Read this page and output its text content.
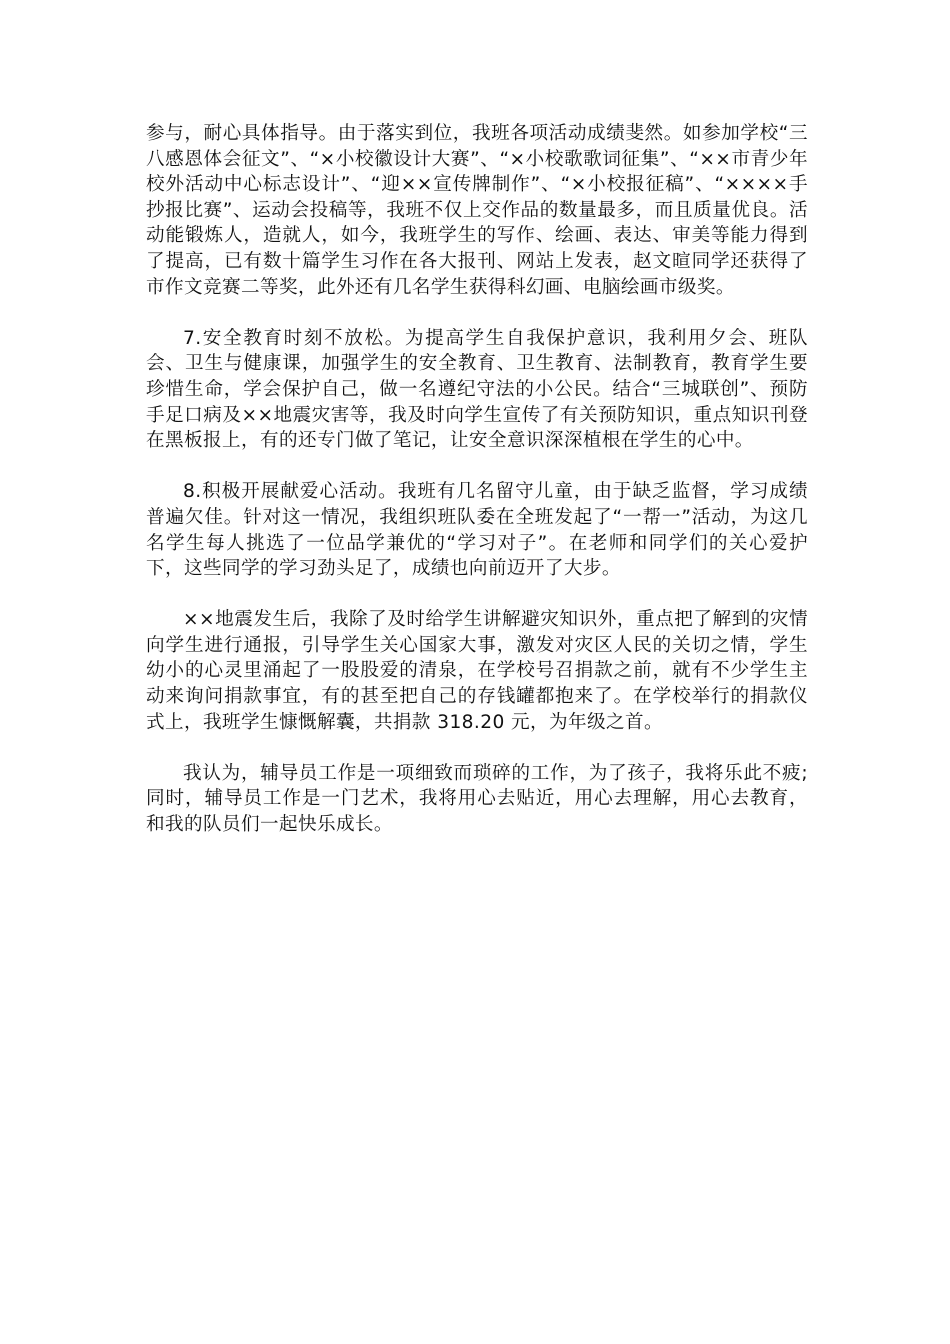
参与，耐心具体指导。由于落实到位，我班各项活动成绩斐然。如参加学校“三八感恩体会征文”、“×小校徽设计大赛”、“×小校歌歌词征集”、“××市青少年校外活动中心标志设计”、“迎××宣传牌制作”、“×小校报征稿”、“××××手抄报比赛”、运动会投稿等，我班不仅上交作品的数量最多，而且质量优良。活动能锻炼人，造就人，如今，我班学生的写作、绘画、表达、审美等能力得到了提高，已有数十篇学生习作在各大报刊、网站上发表，赵文暄同学还获得了市作文竞赛二等奖，此外还有几名学生获得科幻画、电脑绘画市级奖。

7.安全教育时刻不放松。为提高学生自我保护意识，我利用夕会、班队会、卫生与健康课，加强学生的安全教育、卫生教育、法制教育，教育学生要珍惜生命，学会保护自己，做一名遵纪守法的小公民。结合“三城联创”、预防手足口病及××地震灾害等，我及时向学生宣传了有关预防知识，重点知识刊登在黑板报上，有的还专门做了笔记，让安全意识深深植根在学生的心中。

8.积极开展献爱心活动。我班有几名留守儿童，由于缺乏监督，学习成绩普遍欠佳。针对这一情况，我组织班队委在全班发起了“一帮一”活动，为这几名学生每人挑选了一位品学兼优的“学习对子”。在老师和同学们的关心爱护下，这些同学的学习劲头足了，成绩也向前迈开了大步。

××地震发生后，我除了及时给学生讲解避灾知识外，重点把了解到的灾情向学生进行通报，引导学生关心国家大事，激发对灾区人民的关切之情，学生幼小的心灵里涌起了一股股爱的清泉，在学校号召捐款之前，就有不少学生主动来询问捐款事宜，有的甚至把自己的存钱罐都抱来了。在学校举行的捐款仪式上，我班学生慷慨解囊，共捐款 318.20 元，为年级之首。

我认为，辅导员工作是一项细致而琐碎的工作，为了孩子，我将乐此不疲;同时，辅导员工作是一门艺术，我将用心去贴近，用心去理解，用心去教育，和我的队员们一起快乐成长。
